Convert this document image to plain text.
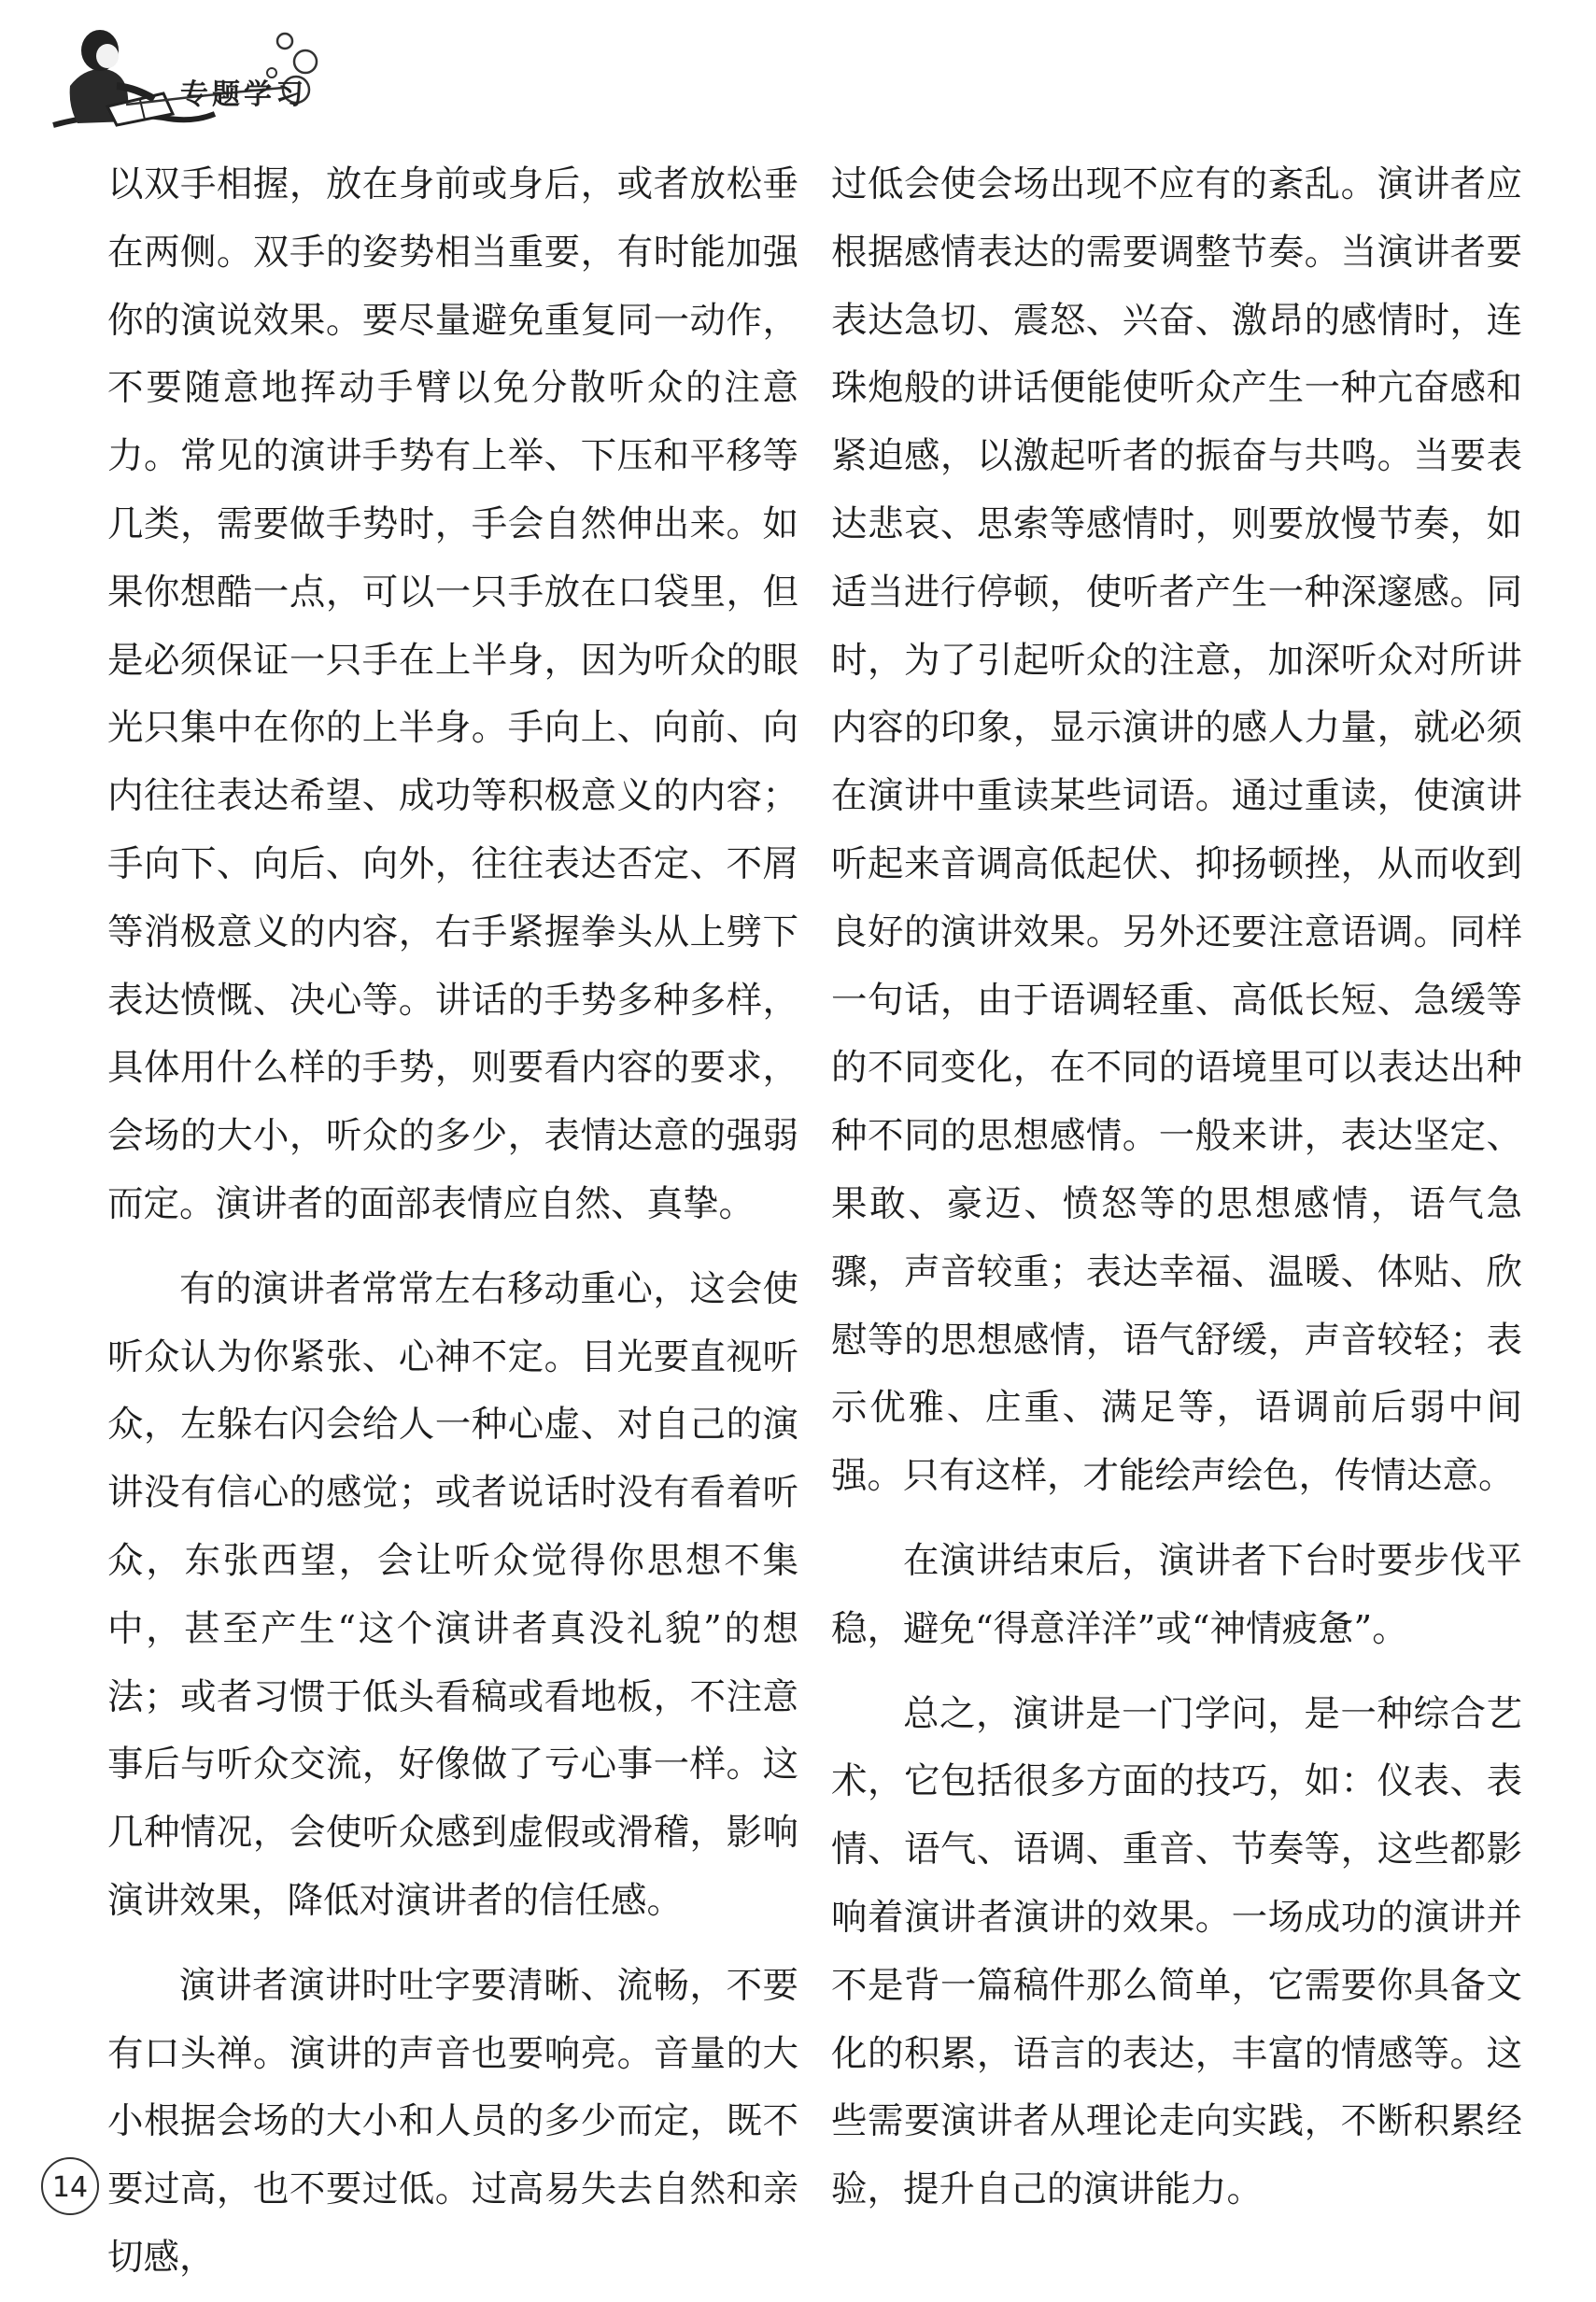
专题学习

以双手相握，放在身前或身后，或者放松垂在两侧。双手的姿势相当重要，有时能加强你的演说效果。要尽量避免重复同一动作，不要随意地挥动手臂以免分散听众的注意力。常见的演讲手势有上举、下压和平移等几类，需要做手势时，手会自然伸出来。如果你想酷一点，可以一只手放在口袋里，但是必须保证一只手在上半身，因为听众的眼光只集中在你的上半身。手向上、向前、向内往往表达希望、成功等积极意义的内容；手向下、向后、向外，往往表达否定、不屑等消极意义的内容，右手紧握拳头从上劈下表达愤慨、决心等。讲话的手势多种多样，具体用什么样的手势，则要看内容的要求，会场的大小，听众的多少，表情达意的强弱而定。演讲者的面部表情应自然、真挚。

有的演讲者常常左右移动重心，这会使听众认为你紧张、心神不定。目光要直视听众，左躲右闪会给人一种心虚、对自己的演讲没有信心的感觉；或者说话时没有看着听众，东张西望，会让听众觉得你思想不集中，甚至产生“这个演讲者真没礼貌”的想法；或者习惯于低头看稿或看地板，不注意事后与听众交流，好像做了亏心事一样。这几种情况，会使听众感到虚假或滑稽，影响演讲效果，降低对演讲者的信任感。

演讲者演讲时吐字要清晰、流畅，不要有口头禅。演讲的声音也要响亮。音量的大小根据会场的大小和人员的多少而定，既不要过高，也不要过低。过高易失去自然和亲切感，

过低会使会场出现不应有的紊乱。演讲者应根据感情表达的需要调整节奏。当演讲者要表达急切、震怒、兴奋、激昂的感情时，连珠炮般的讲话便能使听众产生一种亢奋感和紧迫感，以激起听者的振奋与共鸣。当要表达悲哀、思索等感情时，则要放慢节奏，如适当进行停顿，使听者产生一种深邃感。同时，为了引起听众的注意，加深听众对所讲内容的印象，显示演讲的感人力量，就必须在演讲中重读某些词语。通过重读，使演讲听起来音调高低起伏、抑扬顿挫，从而收到良好的演讲效果。另外还要注意语调。同样一句话，由于语调轻重、高低长短、急缓等的不同变化，在不同的语境里可以表达出种种不同的思想感情。一般来讲，表达坚定、果敢、豪迈、愤怒等的思想感情，语气急骤，声音较重；表达幸福、温暖、体贴、欣慰等的思想感情，语气舒缓，声音较轻；表示优雅、庄重、满足等，语调前后弱中间强。只有这样，才能绘声绘色，传情达意。

在演讲结束后，演讲者下台时要步伐平稳，避免“得意洋洋”或“神情疲惫”。

总之，演讲是一门学问，是一种综合艺术，它包括很多方面的技巧，如：仪表、表情、语气、语调、重音、节奏等，这些都影响着演讲者演讲的效果。一场成功的演讲并不是背一篇稿件那么简单，它需要你具备文化的积累，语言的表达，丰富的情感等。这些需要演讲者从理论走向实践，不断积累经验，提升自己的演讲能力。

14
